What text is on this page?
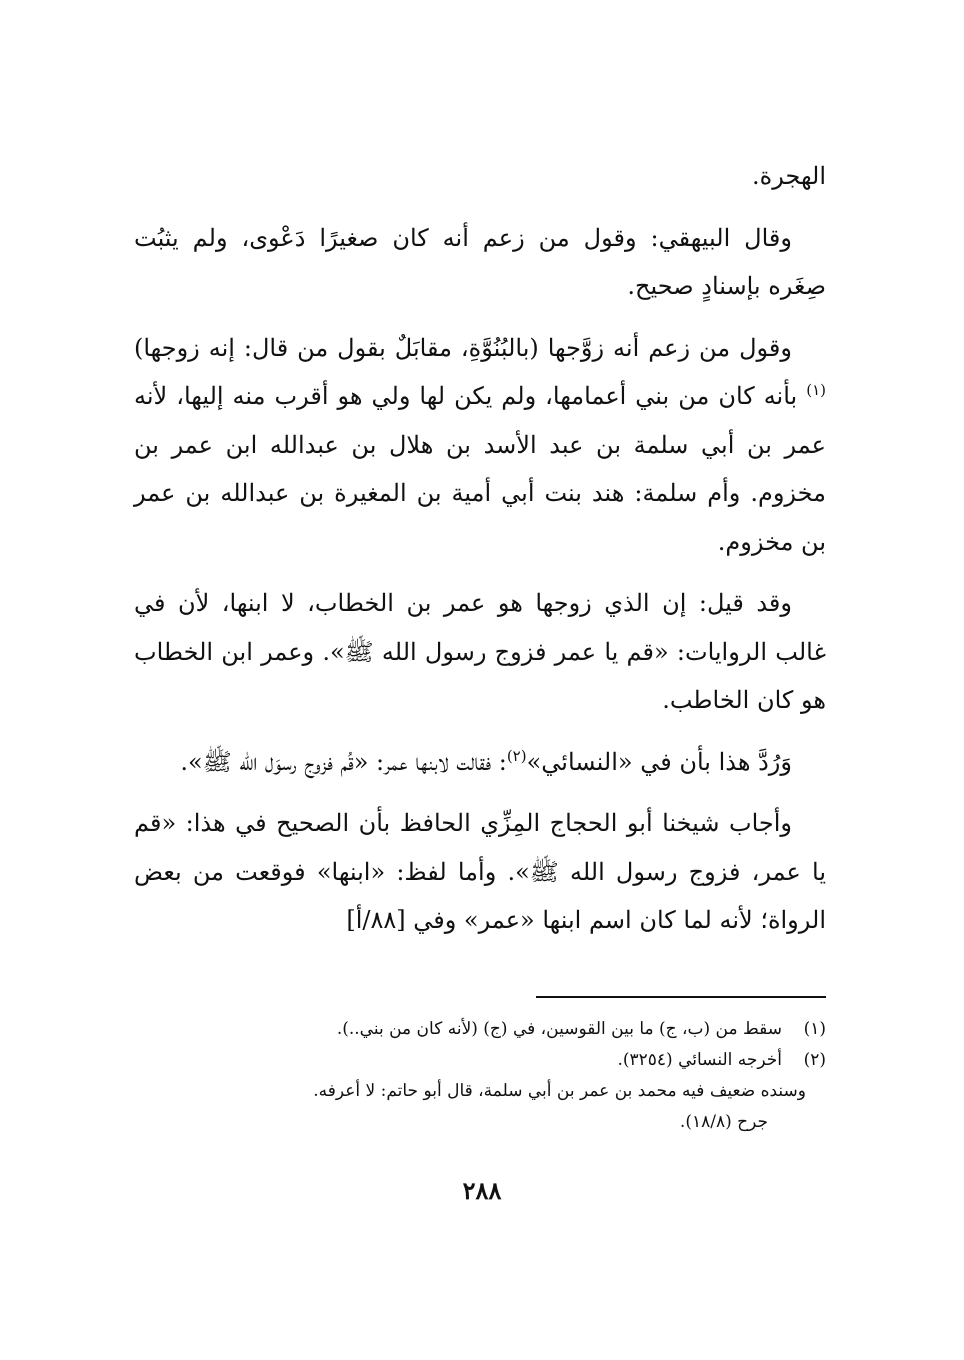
الهجرة.

وقال البيهقي: وقول من زعم أنه كان صغيرًا دَعْوى، ولم يثبُت صِغَره بإسنادٍ صحيح.

وقول من زعم أنه زوَّجها (بالبُنُوَّةِ، مقابَلٌ بقول من قال: إنه زوجها)$^{(١)}$ بأنه كان من بني أعمامها، ولم يكن لها ولي هو أقرب منه إليها، لأنه عمر بن أبي سلمة بن عبد الأسد بن هلال بن عبدالله ابن عمر بن مخزوم. وأم سلمة: هند بنت أبي أمية بن المغيرة بن عبدالله بن عمر بن مخزوم.

وقد قيل: إن الذي زوجها هو عمر بن الخطاب، لا ابنها، لأن في غالب الروايات: «قم يا عمر فزوج رسول الله ﷺ». وعمر ابن الخطاب هو كان الخاطب.

وَرُدَّ هذا بأن في «النسائي»$^{(٢)}$: فقالت لابنها عمر: «قُم فزوج رسوَل الله ﷺ».

وأجاب شيخنا أبو الحجاج المِزِّي الحافظ بأن الصحيح في هذا: «قم يا عمر، فزوج رسول الله ﷺ». وأما لفظ: «ابنها» فوقعت من بعض الرواة؛ لأنه لما كان اسم ابنها «عمر» وفي [٨٨/أ]

(١)سقط من (ب، ج) ما بين القوسين، في (ج) (لأنه كان من بني..).

(٢)أخرجه النسائي (٣٢٥٤).

وسنده ضعيف فيه محمد بن عمر بن أبي سلمة، قال أبو حاتم: لا أعرفه.

جرح (١٨/٨).

٢٨٨
